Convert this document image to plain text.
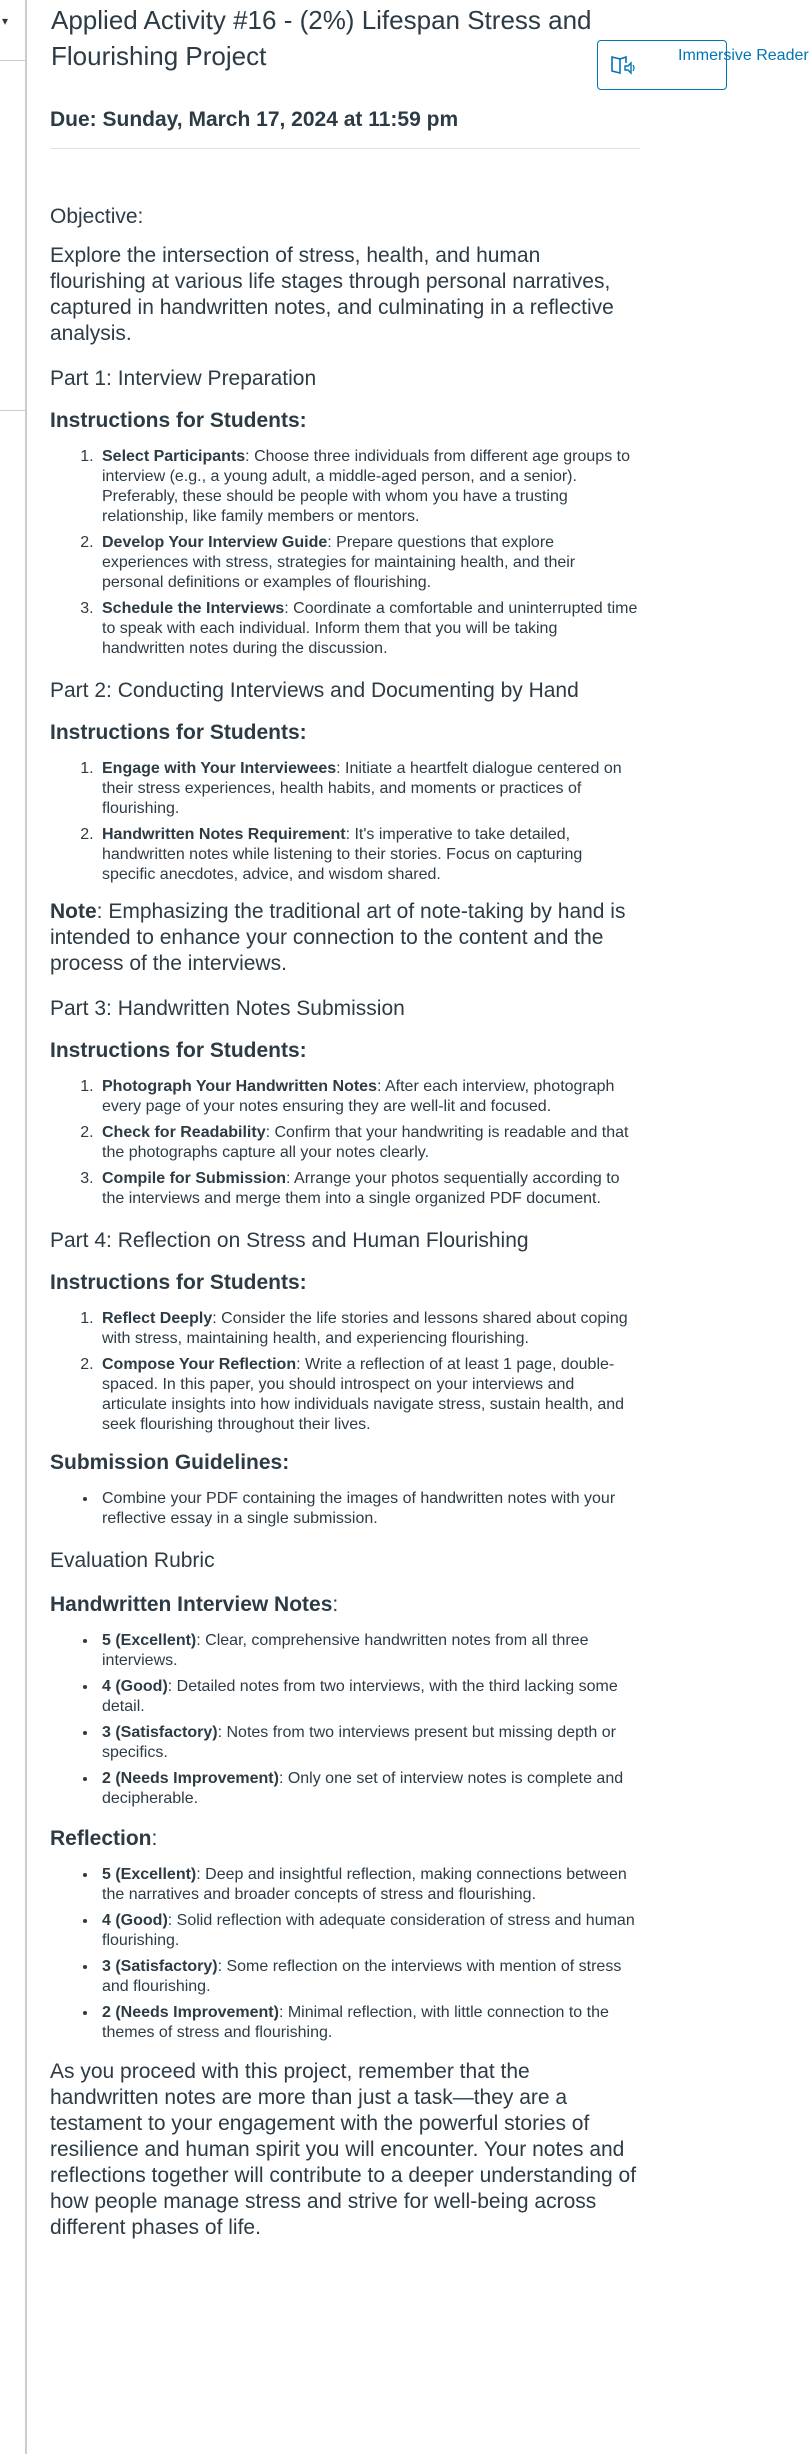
▾ Applied Activity #16 - (2%) Lifespan Stress and Flourishing Project	Immersive Reader
Due: Sunday, March 17, 2024 at 11:59 pm
Objective:
Explore the intersection of stress, health, and human flourishing at various life stages through personal narratives, captured in handwritten notes, and culminating in a reflective analysis.
Part 1: Interview Preparation
Instructions for Students:
1. Select Participants: Choose three individuals from different age groups to interview (e.g., a young adult, a middle-aged person, and a senior). Preferably, these should be people with whom you have a trusting relationship, like family members or mentors.
2. Develop Your Interview Guide: Prepare questions that explore experiences with stress, strategies for maintaining health, and their personal definitions or examples of flourishing.
3. Schedule the Interviews: Coordinate a comfortable and uninterrupted time to speak with each individual. Inform them that you will be taking handwritten notes during the discussion.
Part 2: Conducting Interviews and Documenting by Hand
Instructions for Students:
1. Engage with Your Interviewees: Initiate a heartfelt dialogue centered on their stress experiences, health habits, and moments or practices of flourishing.
2. Handwritten Notes Requirement: It's imperative to take detailed, handwritten notes while listening to their stories. Focus on capturing specific anecdotes, advice, and wisdom shared.
Note: Emphasizing the traditional art of note-taking by hand is intended to enhance your connection to the content and the process of the interviews.
Part 3: Handwritten Notes Submission
Instructions for Students:
1. Photograph Your Handwritten Notes: After each interview, photograph every page of your notes ensuring they are well-lit and focused.
2. Check for Readability: Confirm that your handwriting is readable and that the photographs capture all your notes clearly.
3. Compile for Submission: Arrange your photos sequentially according to the interviews and merge them into a single organized PDF document.
Part 4: Reflection on Stress and Human Flourishing
Instructions for Students:
1. Reflect Deeply: Consider the life stories and lessons shared about coping with stress, maintaining health, and experiencing flourishing.
2. Compose Your Reflection: Write a reflection of at least 1 page, double-spaced. In this paper, you should introspect on your interviews and articulate insights into how individuals navigate stress, sustain health, and seek flourishing throughout their lives.
Submission Guidelines:
• Combine your PDF containing the images of handwritten notes with your reflective essay in a single submission.
Evaluation Rubric
Handwritten Interview Notes:
• 5 (Excellent): Clear, comprehensive handwritten notes from all three interviews.
• 4 (Good): Detailed notes from two interviews, with the third lacking some detail.
• 3 (Satisfactory): Notes from two interviews present but missing depth or specifics.
• 2 (Needs Improvement): Only one set of interview notes is complete and decipherable.
Reflection:
• 5 (Excellent): Deep and insightful reflection, making connections between the narratives and broader concepts of stress and flourishing.
• 4 (Good): Solid reflection with adequate consideration of stress and human flourishing.
• 3 (Satisfactory): Some reflection on the interviews with mention of stress and flourishing.
• 2 (Needs Improvement): Minimal reflection, with little connection to the themes of stress and flourishing.
As you proceed with this project, remember that the handwritten notes are more than just a task—they are a testament to your engagement with the powerful stories of resilience and human spirit you will encounter. Your notes and reflections together will contribute to a deeper understanding of how people manage stress and strive for well-being across different phases of life.
